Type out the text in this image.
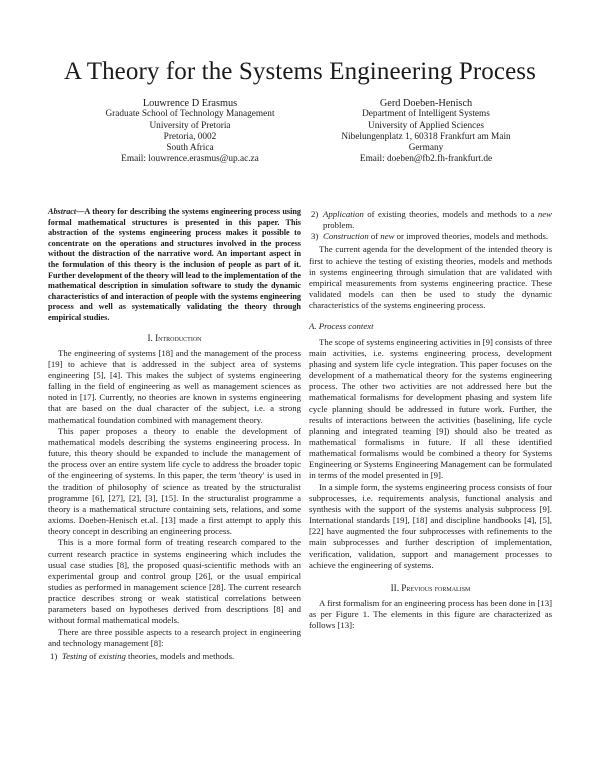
A Theory for the Systems Engineering Process
Louwrence D Erasmus
Graduate School of Technology Management
University of Pretoria
Pretoria, 0002
South Africa
Email: louwrence.erasmus@up.ac.za
Gerd Doeben-Henisch
Department of Intelligent Systems
University of Applied Sciences
Nibelungenplatz 1, 60318 Frankfurt am Main
Germany
Email: doeben@fb2.fh-frankfurt.de

Abstract—A theory for describing the systems engineering process using formal mathematical structures is presented in this paper. This abstraction of the systems engineering process makes it possible to concentrate on the operations and structures involved in the process without the distraction of the narrative word. An important aspect in the formulation of this theory is the inclusion of people as part of it. Further development of the theory will lead to the implementation of the mathematical description in simulation software to study the dynamic characteristics of and interaction of people with the systems engineering process and well as systematically validating the theory through empirical studies.

I. Introduction

The engineering of systems [18] and the management of the process [19] to achieve that is addressed in the subject area of systems engineering [5], [4]. This makes the subject of systems engineering falling in the field of engineering as well as management sciences as noted in [17]. Currently, no theories are known in systems engineering that are based on the dual character of the subject, i.e. a strong mathematical foundation combined with management theory.

This paper proposes a theory to enable the development of mathematical models describing the systems engineering process. In future, this theory should be expanded to include the management of the process over an entire system life cycle to address the broader topic of the engineering of systems. In this paper, the term 'theory' is used in the tradition of philosophy of science as treated by the structuralist programme [6], [27], [2], [3], [15]. In the structuralist programme a theory is a mathematical structure containing sets, relations, and some axioms. Doeben-Henisch et.al. [13] made a first attempt to apply this theory concept in describing an engineering process.

This is a more formal form of treating research compared to the current research practice in systems engineering which includes the usual case studies [8], the proposed quasi-scientific methods with an experimental group and control group [26], or the usual empirical studies as performed in management science [28]. The current research practice describes strong or weak statistical correlations between parameters based on hypotheses derived from descriptions [8] and without formal mathematical models.

There are three possible aspects to a research project in engineering and technology management [8]:

1) Testing of existing theories, models and methods.
2) Application of existing theories, models and methods to a new problem.
3) Construction of new or improved theories, models and methods.

The current agenda for the development of the intended theory is first to achieve the testing of existing theories, models and methods in systems engineering through simulation that are validated with empirical measurements from systems engineering practice. These validated models can then be used to study the dynamic characteristics of the systems engineering process.

A. Process context

The scope of systems engineering activities in [9] consists of three main activities, i.e. systems engineering process, development phasing and system life cycle integration. This paper focuses on the development of a mathematical theory for the systems engineering process. The other two activities are not addressed here but the mathematical formalisms for development phasing and system life cycle planning should be addressed in future work. Further, the results of interactions between the activities (baselining, life cycle planning and integrated teaming [9]) should also be treated as mathematical formalisms in future. If all these identified mathematical formalisms would be combined a theory for Systems Engineering or Systems Engineering Management can be formulated in terms of the model presented in [9].

In a simple form, the systems engineering process consists of four subprocesses, i.e. requirements analysis, functional analysis and synthesis with the support of the systems analysis subprocess [9]. International standards [19], [18] and discipline handbooks [4], [5], [22] have augmented the four subprocesses with refinements to the main subprocesses and further description of implementation, verification, validation, support and management processes to achieve the engineering of systems.

II. Previous formalism

A first formalism for an engineering process has been done in [13] as per Figure 1. The elements in this figure are characterized as follows [13]:
